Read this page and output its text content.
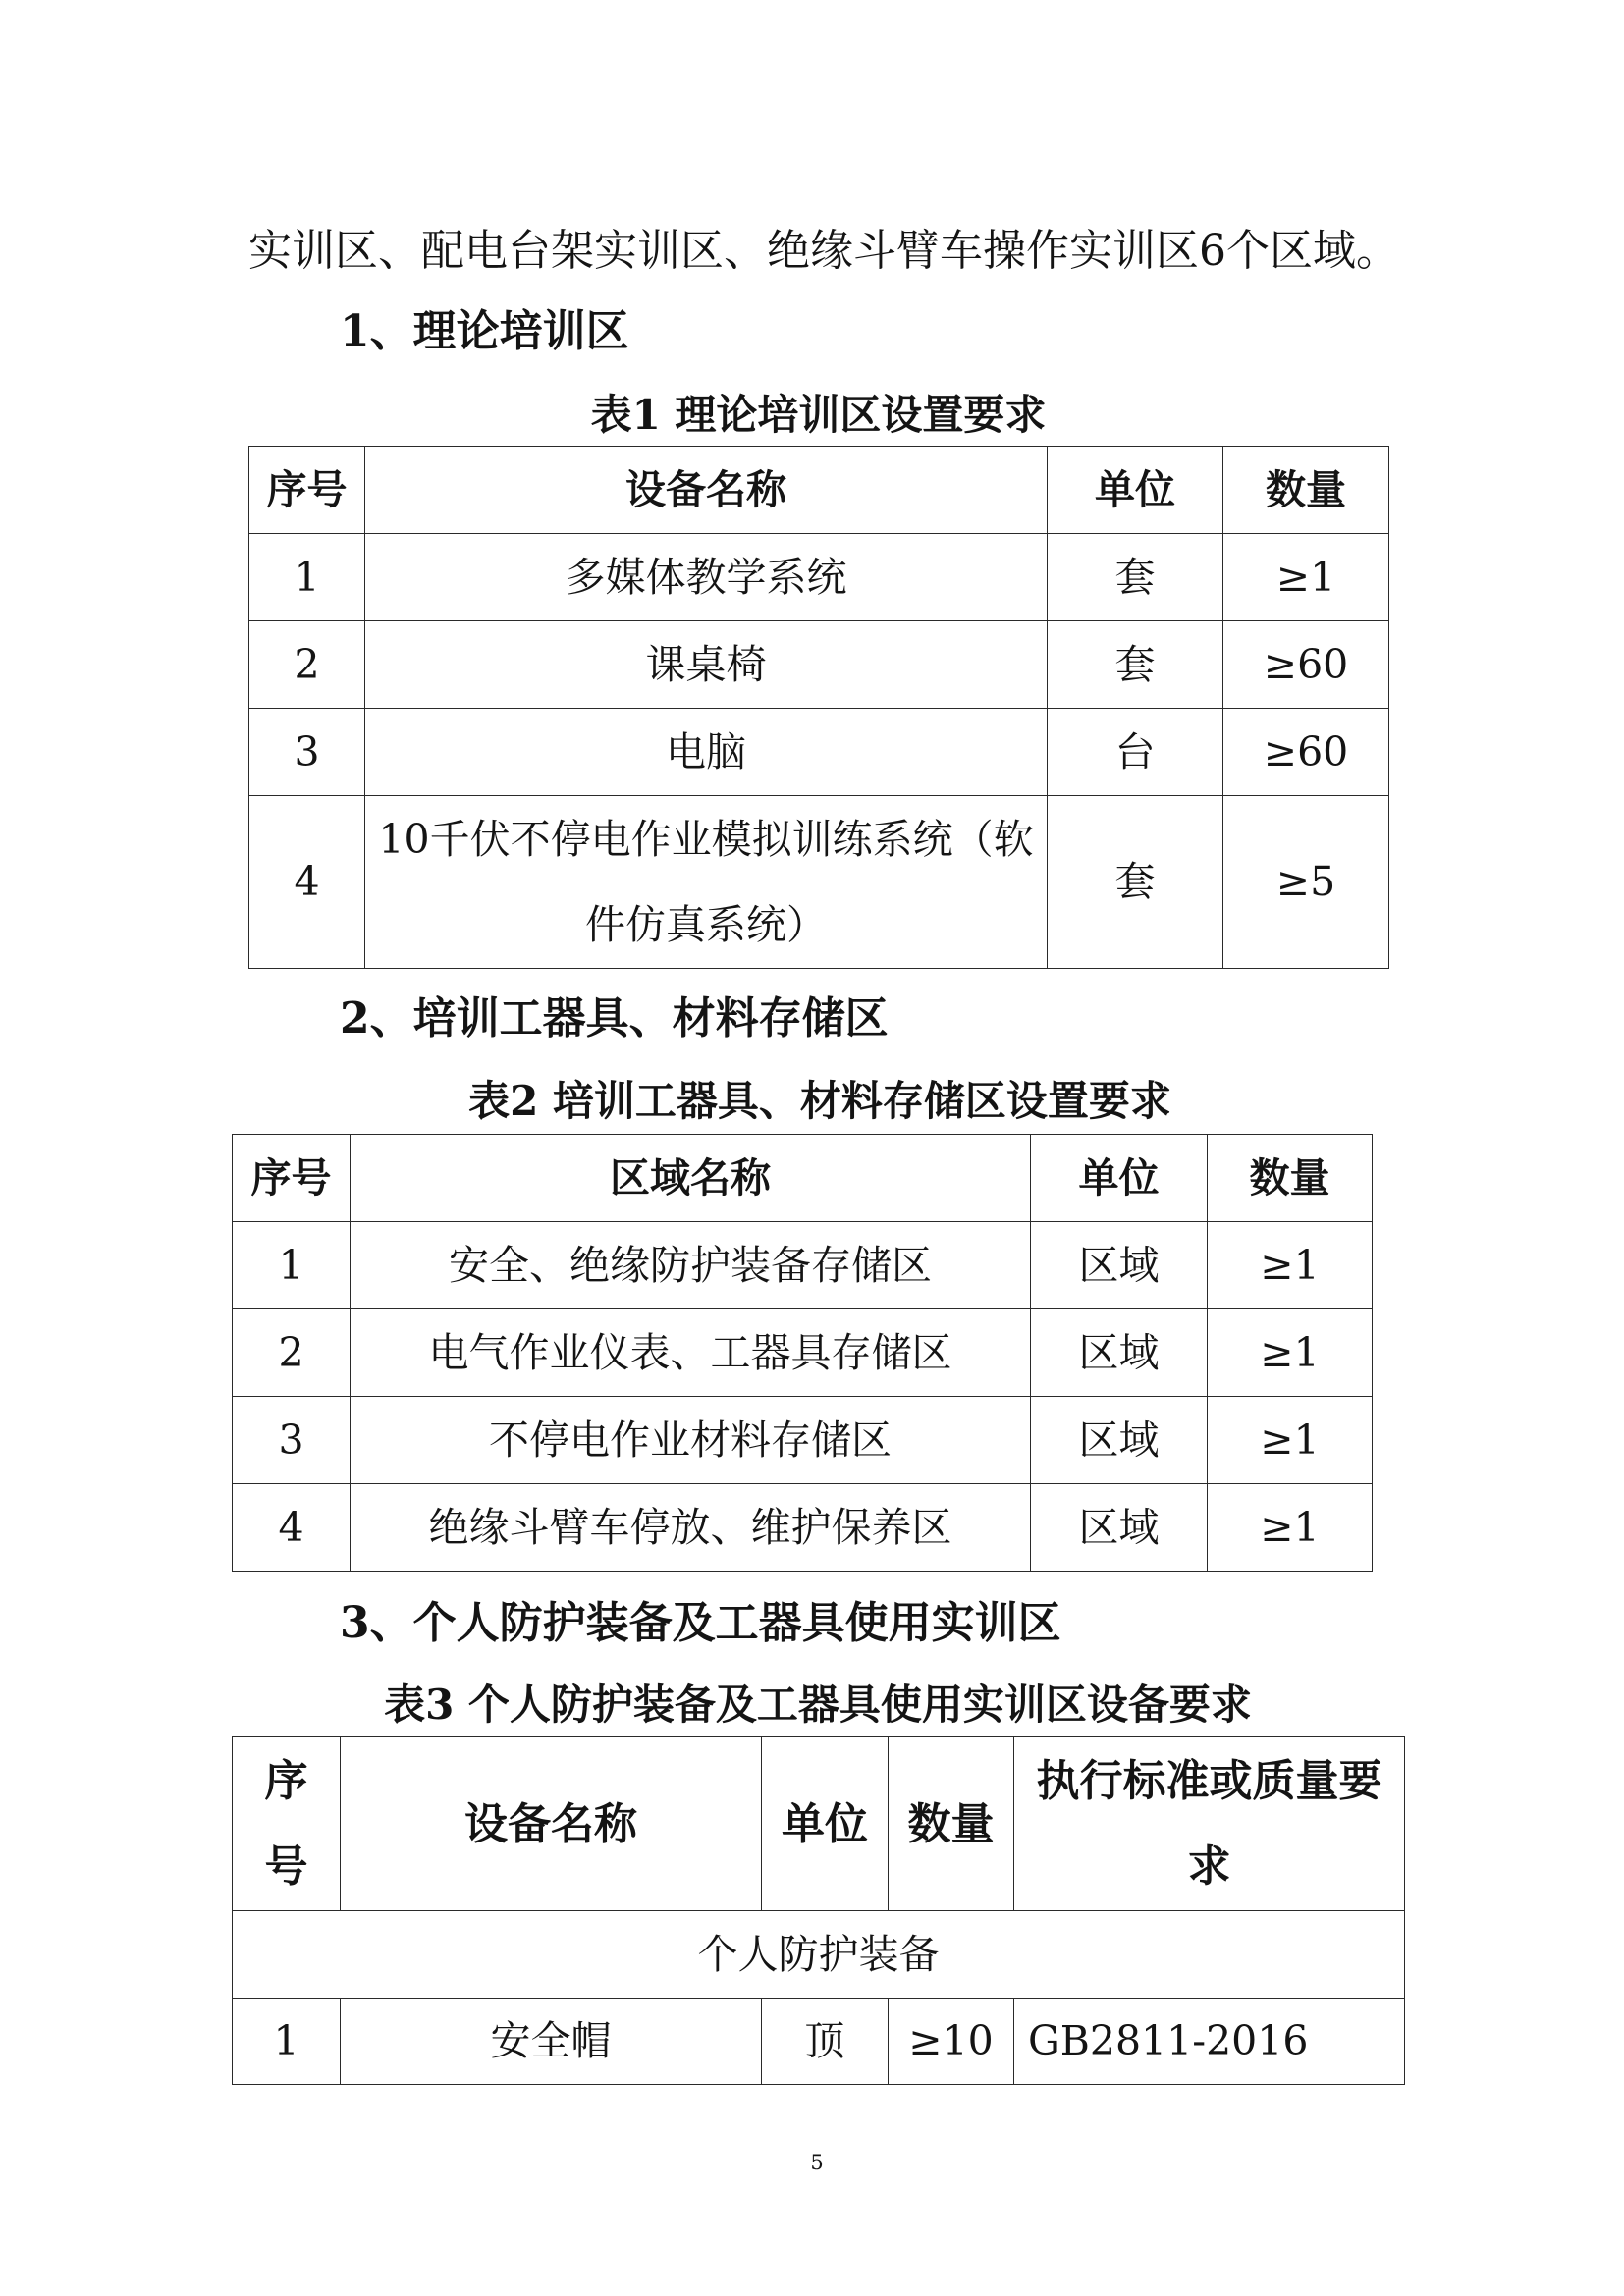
实训区、配电台架实训区、绝缘斗臂车操作实训区6个区域。
1、理论培训区
表1 理论培训区设置要求
序号	设备名称	单位	数量
1	多媒体教学系统	套	≥1
2	课桌椅	套	≥60
3	电脑	台	≥60
4	10千伏不停电作业模拟训练系统（软件仿真系统）	套	≥5
2、培训工器具、材料存储区
表2 培训工器具、材料存储区设置要求
序号	区域名称	单位	数量
1	安全、绝缘防护装备存储区	区域	≥1
2	电气作业仪表、工器具存储区	区域	≥1
3	不停电作业材料存储区	区域	≥1
4	绝缘斗臂车停放、维护保养区	区域	≥1
3、个人防护装备及工器具使用实训区
表3 个人防护装备及工器具使用实训区设备要求
序号	设备名称	单位	数量	执行标准或质量要求
个人防护装备				
1	安全帽	顶	≥10	GB2811-2016
5
